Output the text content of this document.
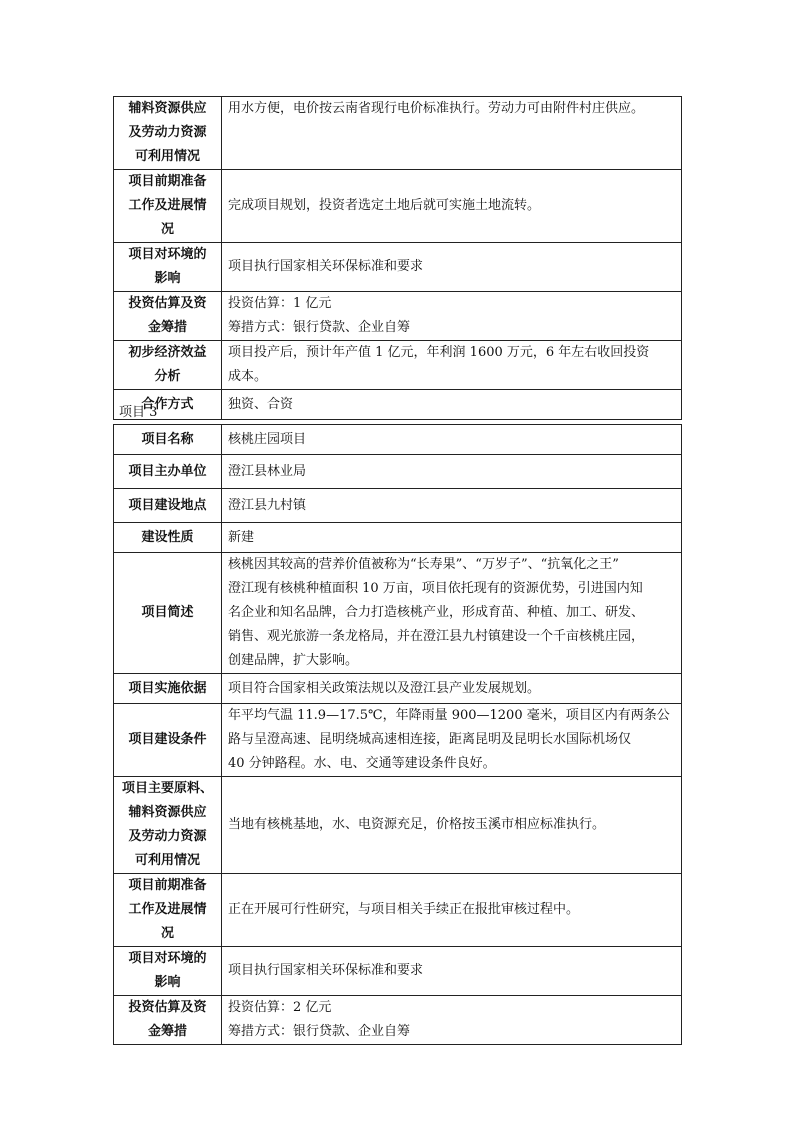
辅料资源供应
及劳动力资源
可利用情况	用水方便，电价按云南省现行电价标准执行。劳动力可由附件村庄供应。

项目前期准备
工作及进展情
况	完成项目规划，投资者选定土地后就可实施土地流转。

项目对环境的
影响	项目执行国家相关环保标准和要求

投资估算及资
金筹措	投资估算：1 亿元
筹措方式：银行贷款、企业自筹

初步经济效益
分析	项目投产后，预计年产值 1 亿元，年利润 1600 万元，6 年左右收回投资
成本。

合作方式	独资、合资
项目 3
项目名称	核桃庄园项目

项目主办单位	澄江县林业局

项目建设地点	澄江县九村镇

建设性质	新建

项目简述	核桃因其较高的营养价值被称为“长寿果”、“万岁子”、“抗氧化之王”
澄江现有核桃种植面积 10 万亩，项目依托现有的资源优势，引进国内知
名企业和知名品牌，合力打造核桃产业，形成育苗、种植、加工、研发、
销售、观光旅游一条龙格局，并在澄江县九村镇建设一个千亩核桃庄园，
创建品牌，扩大影响。

项目实施依据	项目符合国家相关政策法规以及澄江县产业发展规划。

项目建设条件	年平均气温 11.9—17.5℃，年降雨量 900—1200 毫米，项目区内有两条公
路与呈澄高速、昆明绕城高速相连接，距离昆明及昆明长水国际机场仅
40 分钟路程。水、电、交通等建设条件良好。

项目主要原料、
辅料资源供应
及劳动力资源
可利用情况	当地有核桃基地，水、电资源充足，价格按玉溪市相应标准执行。

项目前期准备
工作及进展情
况	正在开展可行性研究，与项目相关手续正在报批审核过程中。

项目对环境的
影响	项目执行国家相关环保标准和要求

投资估算及资
金筹措	投资估算：2 亿元
筹措方式：银行贷款、企业自筹
